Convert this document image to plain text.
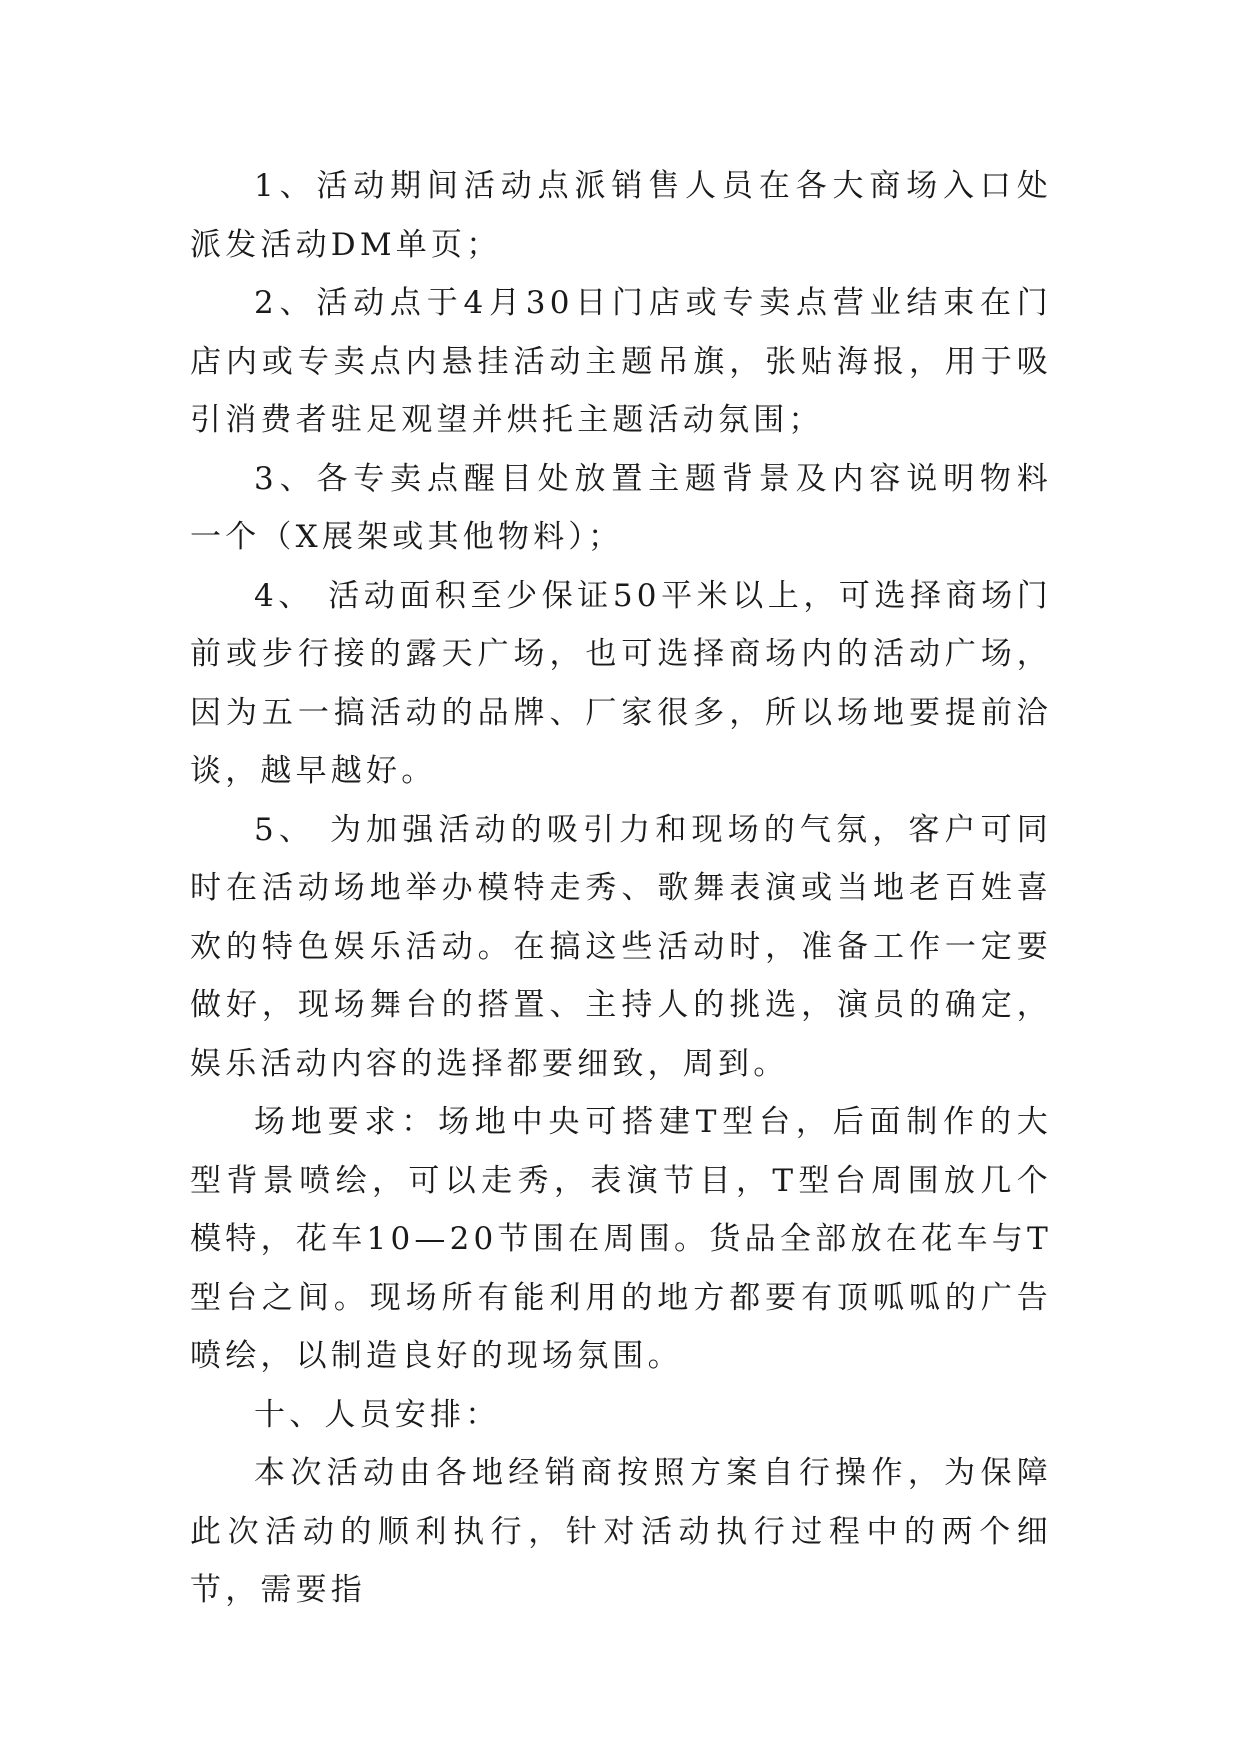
1、活动期间活动点派销售人员在各大商场入口处派发活动DM单页；

2、活动点于4月30日门店或专卖点营业结束在门店内或专卖点内悬挂活动主题吊旗，张贴海报，用于吸引消费者驻足观望并烘托主题活动氛围；

3、各专卖点醒目处放置主题背景及内容说明物料一个（X展架或其他物料）；

4、 活动面积至少保证50平米以上，可选择商场门前或步行接的露天广场，也可选择商场内的活动广场，因为五一搞活动的品牌、厂家很多，所以场地要提前洽谈，越早越好。

5、 为加强活动的吸引力和现场的气氛，客户可同时在活动场地举办模特走秀、歌舞表演或当地老百姓喜欢的特色娱乐活动。在搞这些活动时，准备工作一定要做好，现场舞台的搭置、主持人的挑选，演员的确定，娱乐活动内容的选择都要细致，周到。

场地要求：场地中央可搭建T型台，后面制作的大型背景喷绘，可以走秀，表演节目，T型台周围放几个模特，花车10—20节围在周围。货品全部放在花车与T型台之间。现场所有能利用的地方都要有顶呱呱的广告喷绘，以制造良好的现场氛围。

十、人员安排：

本次活动由各地经销商按照方案自行操作，为保障此次活动的顺利执行，针对活动执行过程中的两个细节，需要指
